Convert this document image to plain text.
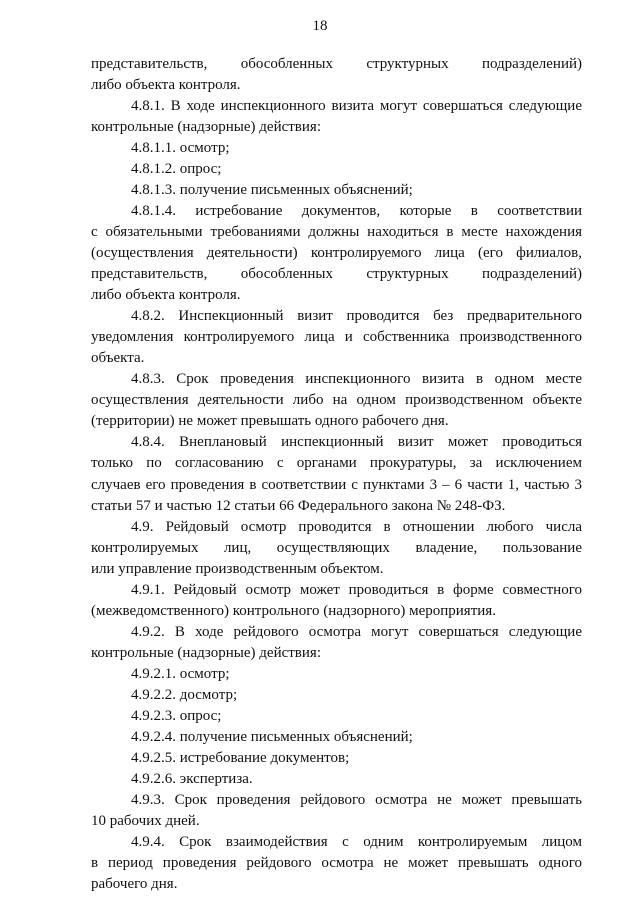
18
представительств, обособленных структурных подразделений)
либо объекта контроля.
4.8.1. В ходе инспекционного визита могут совершаться следующие
контрольные (надзорные) действия:
4.8.1.1. осмотр;
4.8.1.2. опрос;
4.8.1.3. получение письменных объяснений;
4.8.1.4. истребование документов, которые в соответствии
с обязательными требованиями должны находиться в месте нахождения
(осуществления деятельности) контролируемого лица (его филиалов,
представительств, обособленных структурных подразделений)
либо объекта контроля.
4.8.2. Инспекционный визит проводится без предварительного
уведомления контролируемого лица и собственника производственного
объекта.
4.8.3. Срок проведения инспекционного визита в одном месте
осуществления деятельности либо на одном производственном объекте
(территории) не может превышать одного рабочего дня.
4.8.4. Внеплановый инспекционный визит может проводиться
только по согласованию с органами прокуратуры, за исключением
случаев его проведения в соответствии с пунктами 3 – 6 части 1, частью 3
статьи 57 и частью 12 статьи 66 Федерального закона № 248-ФЗ.
4.9. Рейдовый осмотр проводится в отношении любого числа
контролируемых лиц, осуществляющих владение, пользование
или управление производственным объектом.
4.9.1. Рейдовый осмотр может проводиться в форме совместного
(межведомственного) контрольного (надзорного) мероприятия.
4.9.2. В ходе рейдового осмотра могут совершаться следующие
контрольные (надзорные) действия:
4.9.2.1. осмотр;
4.9.2.2. досмотр;
4.9.2.3. опрос;
4.9.2.4. получение письменных объяснений;
4.9.2.5. истребование документов;
4.9.2.6. экспертиза.
4.9.3. Срок проведения рейдового осмотра не может превышать
10 рабочих дней.
4.9.4. Срок взаимодействия с одним контролируемым лицом
в период проведения рейдового осмотра не может превышать одного
рабочего дня.
